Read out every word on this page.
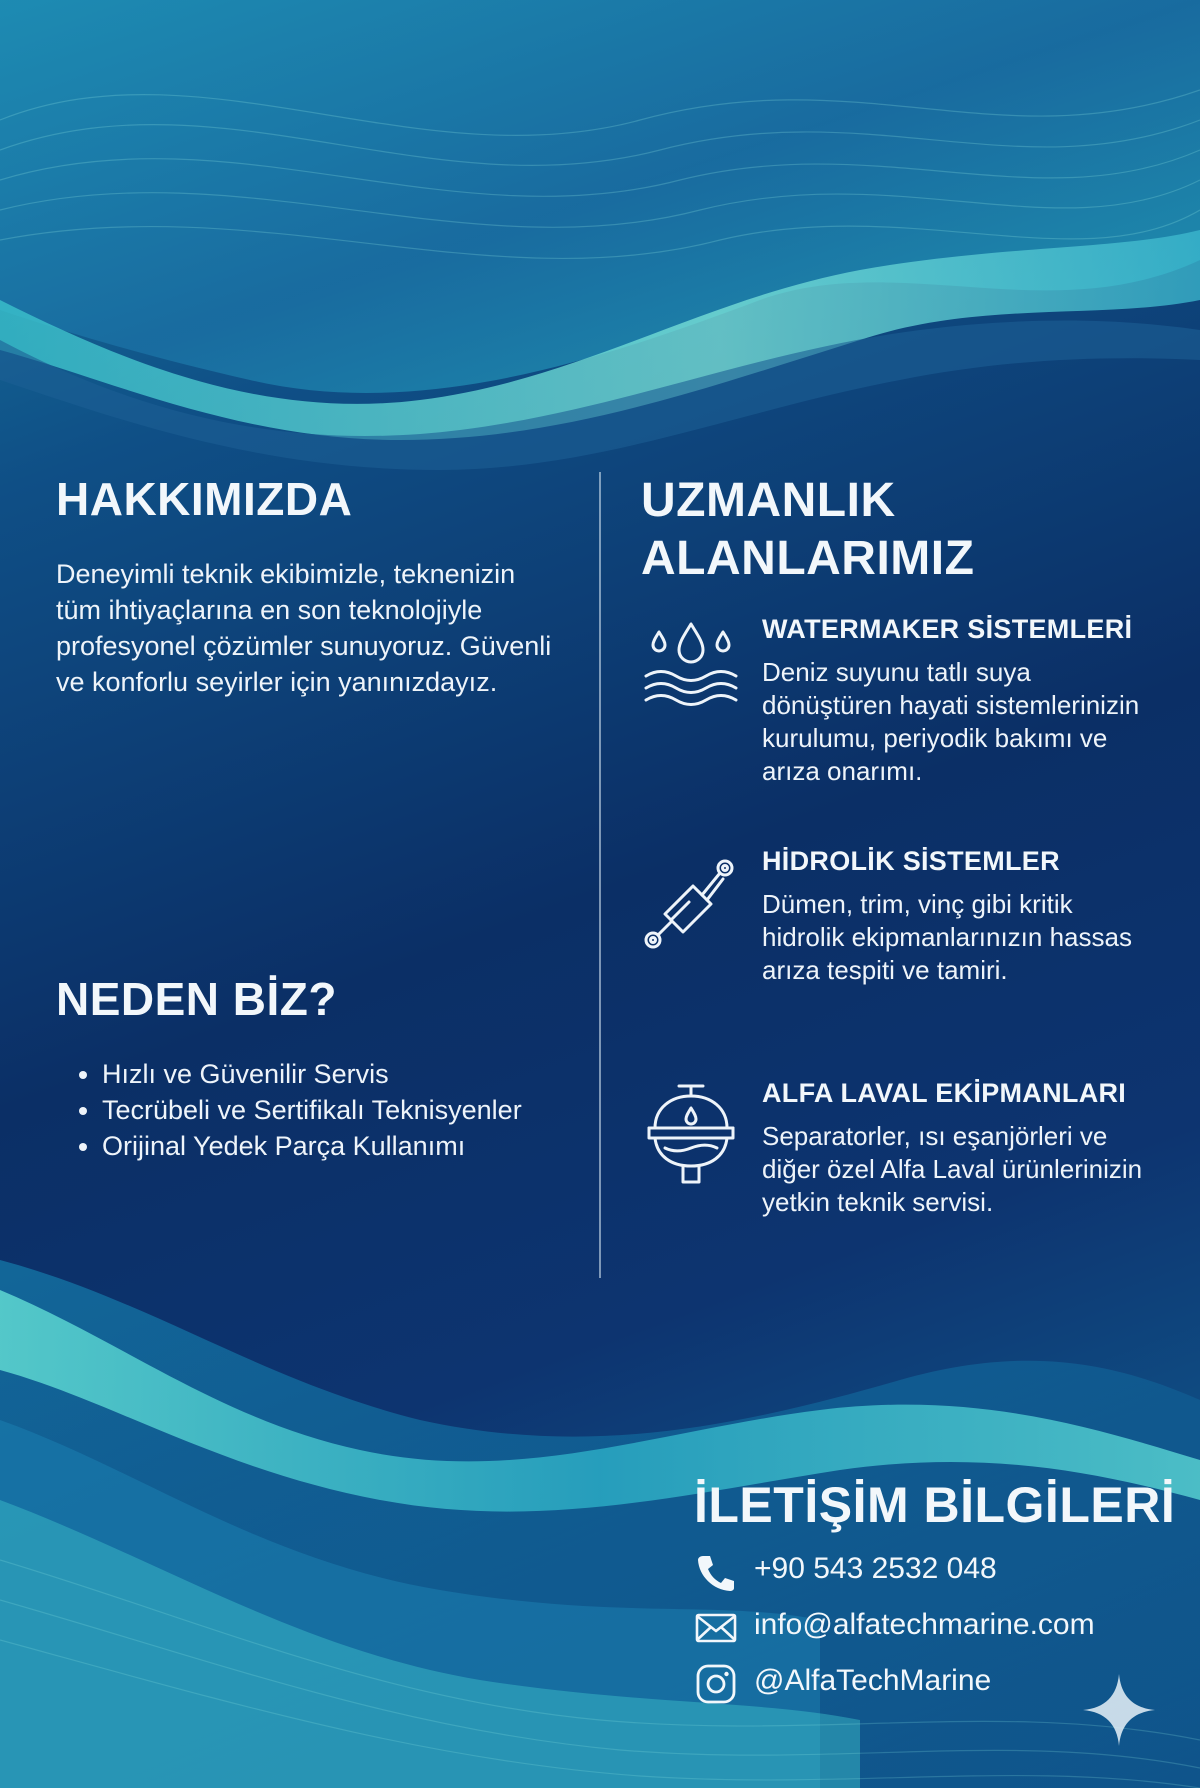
HAKKIMIZDA
Deneyimli teknik ekibimizle, teknenizin tüm ihtiyaçlarına en son teknolojiyle profesyonel çözümler sunuyoruz. Güvenli ve konforlu seyirler için yanınızdayız.
NEDEN BİZ?
• Hızlı ve Güvenilir Servis
• Tecrübeli ve Sertifikalı Teknisyenler
• Orijinal Yedek Parça Kullanımı
UZMANLIK ALANLARIMIZ
WATERMAKER SİSTEMLERİ
Deniz suyunu tatlı suya dönüştüren hayati sistemlerinizin kurulumu, periyodik bakımı ve arıza onarımı.
HİDROLİK SİSTEMLER
Dümen, trim, vinç gibi kritik hidrolik ekipmanlarınızın hassas arıza tespiti ve tamiri.
ALFA LAVAL EKİPMANLARI
Separatorler, ısı eşanjörleri ve diğer özel Alfa Laval ürünlerinizin yetkin teknik servisi.
İLETİŞİM BİLGİLERİ
+90 543 2532 048
info@alfatechmarine.com
@AlfaTechMarine
